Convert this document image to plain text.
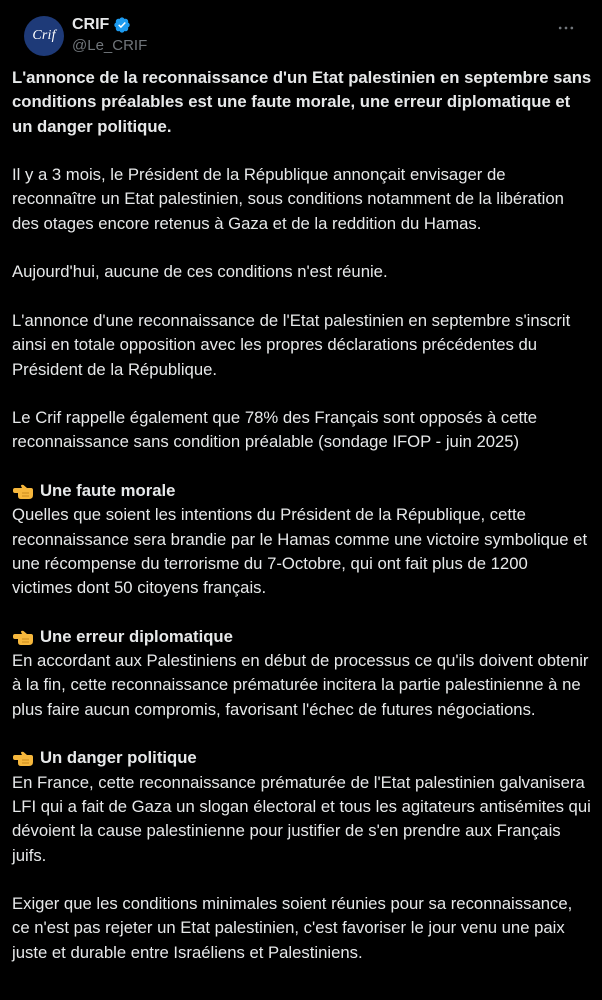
Crif
CRIF
@Le_CRIF

L'annonce de la reconnaissance d'un Etat palestinien en septembre sans conditions préalables est une faute morale, une erreur diplomatique et un danger politique.

Il y a 3 mois, le Président de la République annonçait envisager de reconnaître un Etat palestinien, sous conditions notamment de la libération des otages encore retenus à Gaza et de la reddition du Hamas.

Aujourd'hui, aucune de ces conditions n'est réunie.

L'annonce d'une reconnaissance de l'Etat palestinien en septembre s'inscrit ainsi en totale opposition avec les propres déclarations précédentes du Président de la République.

Le Crif rappelle également que 78% des Français sont opposés à cette reconnaissance sans condition préalable (sondage IFOP - juin 2025)

Une faute morale
Quelles que soient les intentions du Président de la République, cette reconnaissance sera brandie par le Hamas comme une victoire symbolique et une récompense du terrorisme du 7-Octobre, qui ont fait plus de 1200 victimes dont 50 citoyens français.
Une erreur diplomatique
En accordant aux Palestiniens en début de processus ce qu'ils doivent obtenir à la fin, cette reconnaissance prématurée incitera la partie palestinienne à ne plus faire aucun compromis, favorisant l'échec de futures négociations.
Un danger politique
En France, cette reconnaissance prématurée de l'Etat palestinien galvanisera LFI qui a fait de Gaza un slogan électoral et tous les agitateurs antisémites qui dévoient la cause palestinienne pour justifier de s'en prendre aux Français juifs.

Exiger que les conditions minimales soient réunies pour sa reconnaissance, ce n'est pas rejeter un Etat palestinien, c'est favoriser le jour venu une paix juste et durable entre Israéliens et Palestiniens.
